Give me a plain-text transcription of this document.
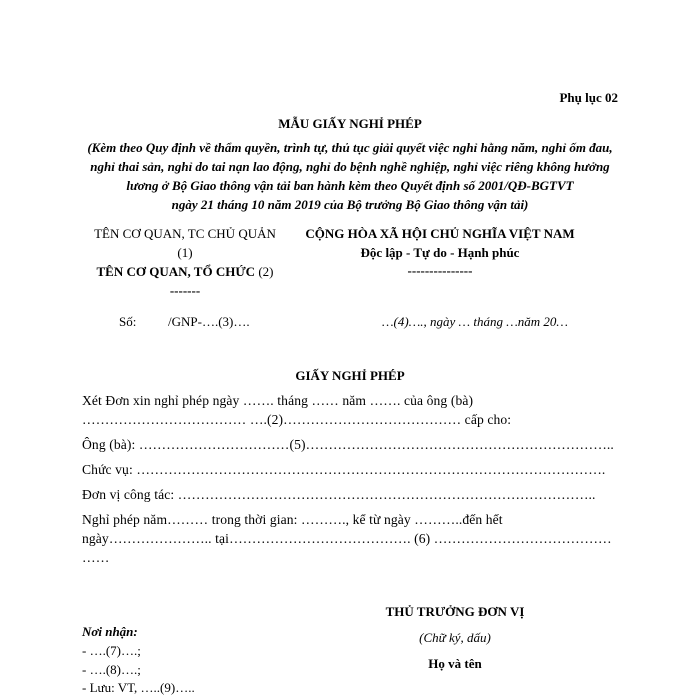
Phụ lục 02
MẪU GIẤY NGHỈ PHÉP
(Kèm theo Quy định về thẩm quyền, trình tự, thủ tục giải quyết việc nghỉ hằng năm, nghỉ ốm đau,
nghỉ thai sản, nghỉ do tai nạn lao động, nghỉ do bệnh nghề nghiệp, nghỉ việc riêng không hưởng
lương ở Bộ Giao thông vận tải ban hành kèm theo Quyết định số 2001/QĐ-BGTVT
ngày 21 tháng 10 năm 2019 của Bộ trưởng Bộ Giao thông vận tải)
TÊN CƠ QUAN, TC CHỦ QUẢN
(1)
TÊN CƠ QUAN, TỔ CHỨC (2)
-------
CỘNG HÒA XÃ HỘI CHỦ NGHĨA VIỆT NAM
Độc lập - Tự do - Hạnh phúc
---------------
Số: /GNP-….(3)….	…(4)…., ngày … tháng …năm 20…
GIẤY NGHỈ PHÉP
Xét Đơn xin nghỉ phép ngày ……. tháng …… năm ……. của ông (bà)
……………………………… ….(2)………………………………… cấp cho:
Ông (bà): ……………………………(5)…………………………………………………………..
Chức vụ: ………………………………………………………………………………………….
Đơn vị công tác: ………………………………………………………………………………..
Nghỉ phép năm……… trong thời gian: ………., kể từ ngày ………..đến hết
ngày………………….. tại…………………………………. (6) …………………………………
……
Nơi nhận:
- ….(7)….;
- ….(8)….;
- Lưu: VT, …..(9)…..
THỦ TRƯỞNG ĐƠN VỊ
(Chữ ký, dấu)
Họ và tên
